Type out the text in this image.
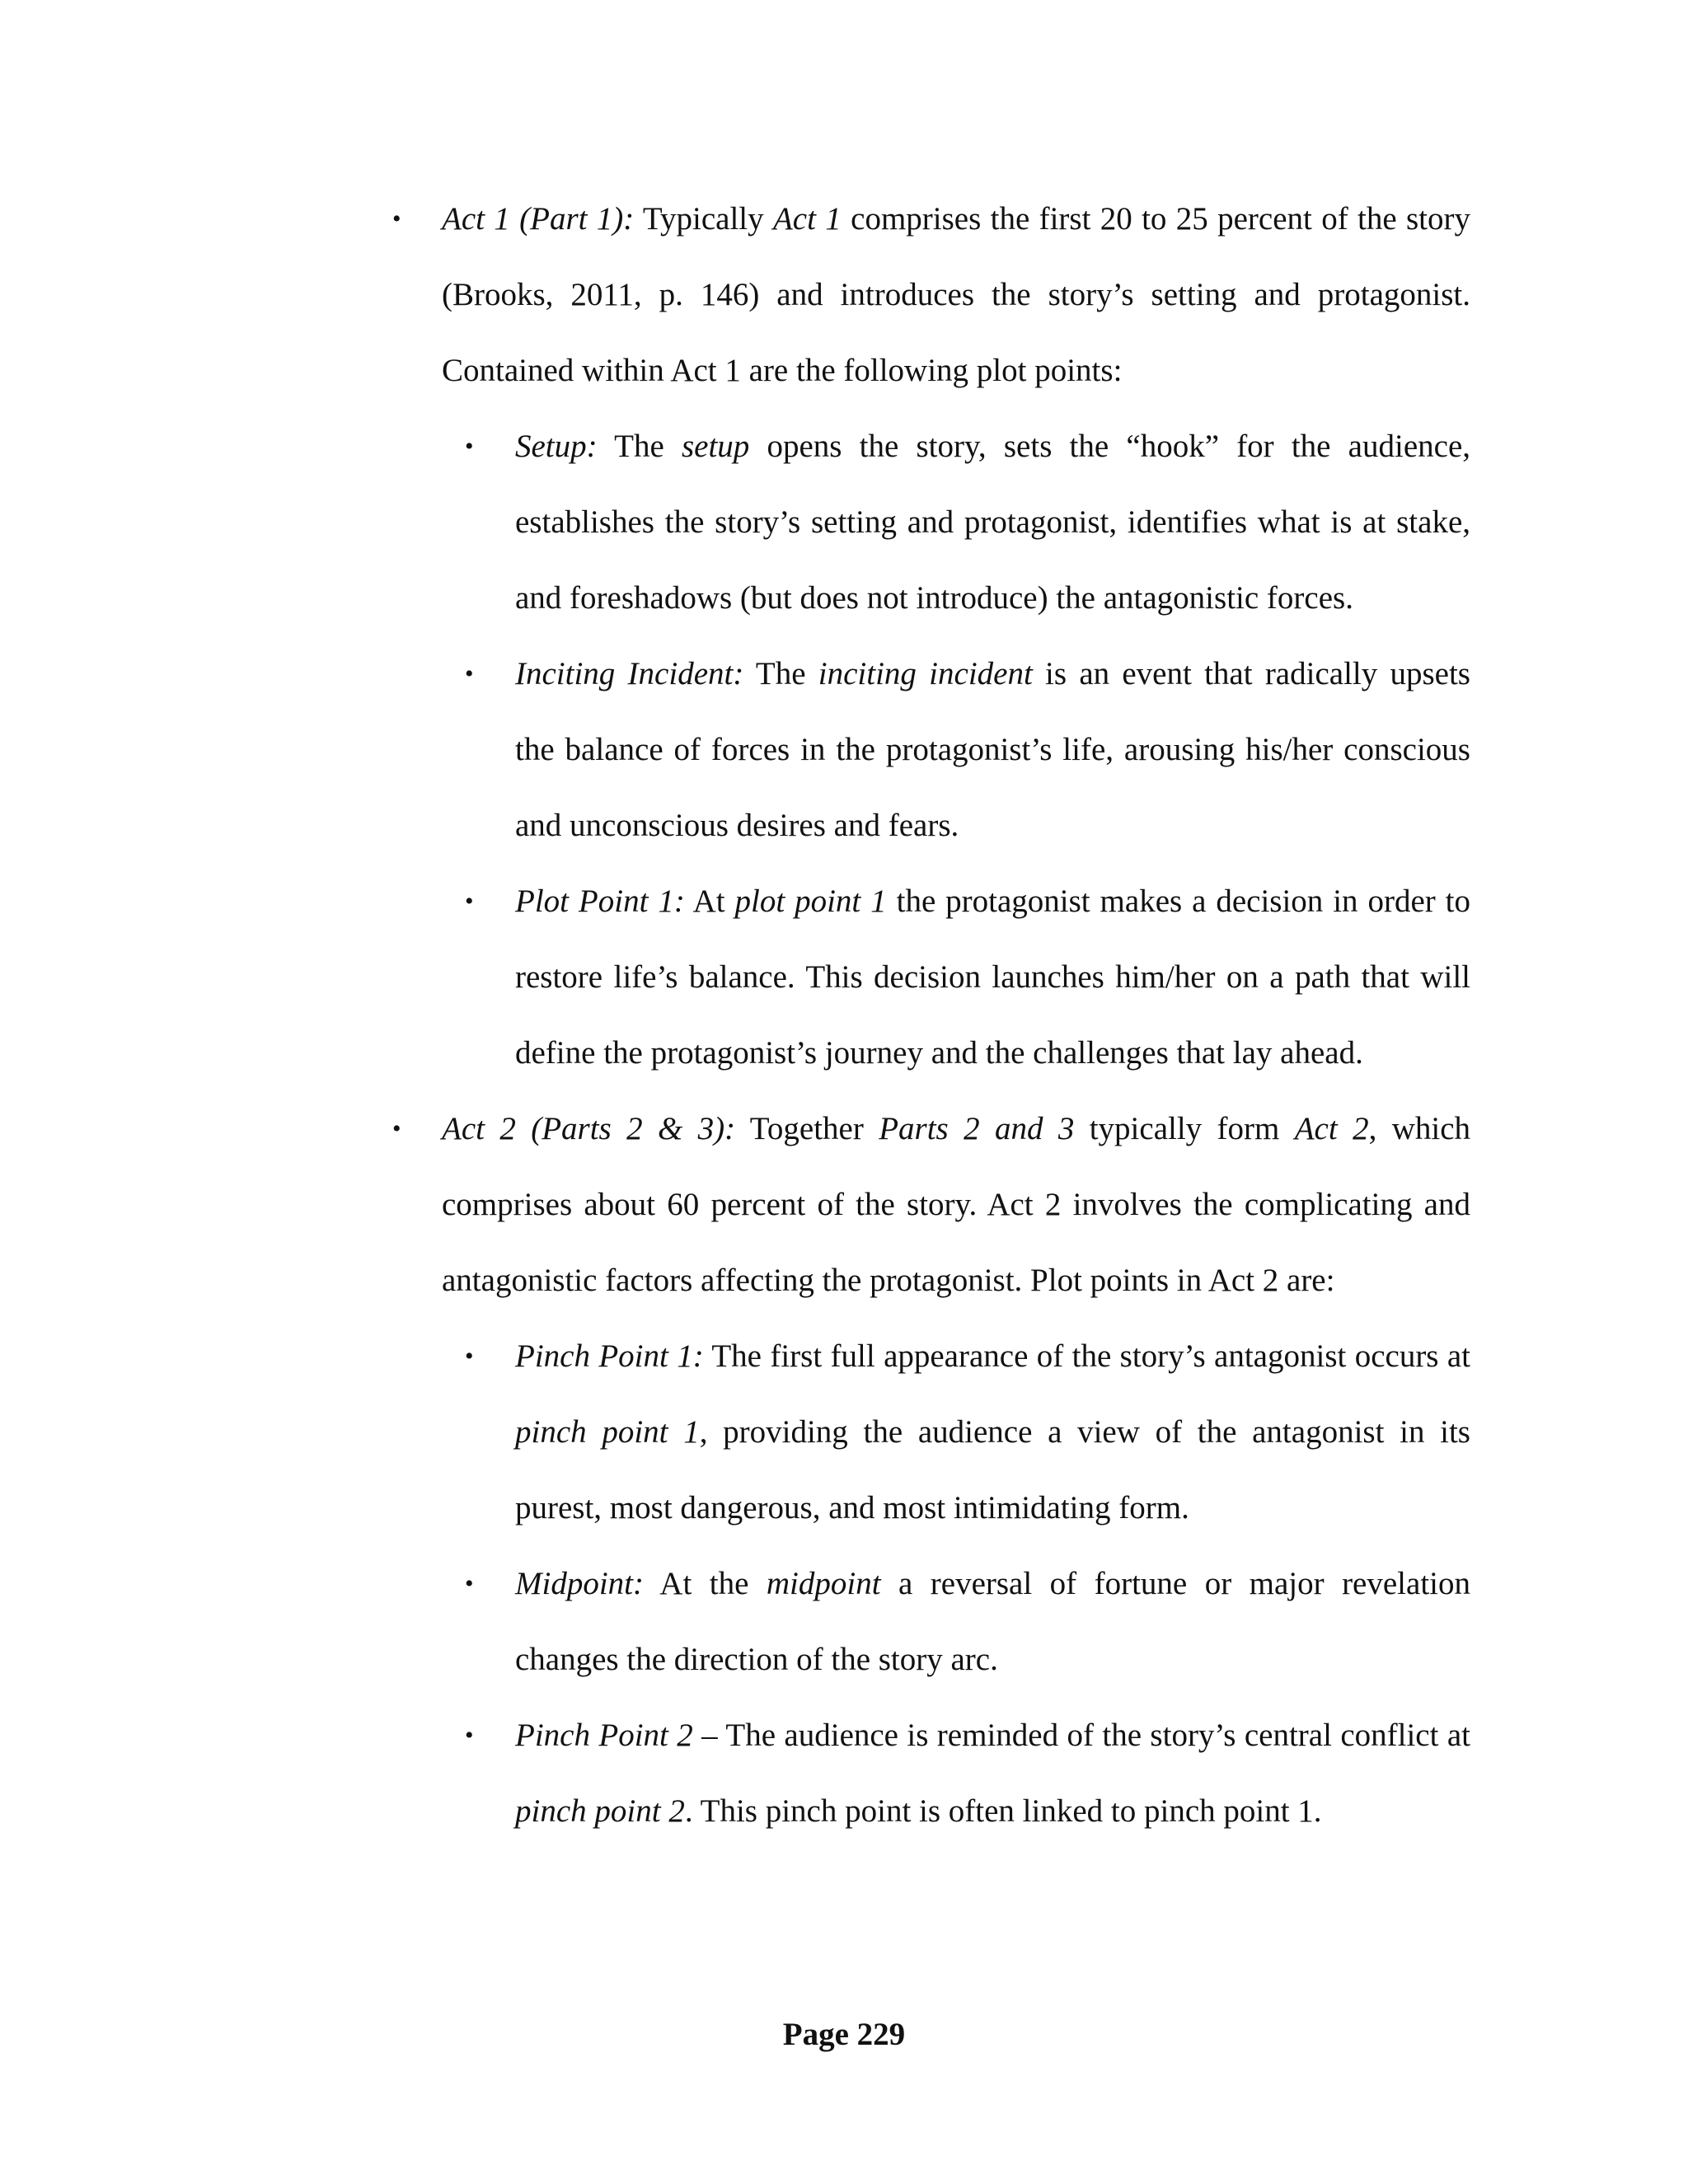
• Act 1 (Part 1): Typically Act 1 comprises the first 20 to 25 percent of the story (Brooks, 2011, p. 146) and introduces the story’s setting and protagonist. Contained within Act 1 are the following plot points:
• Setup: The setup opens the story, sets the “hook” for the audience, establishes the story’s setting and protagonist, identifies what is at stake, and foreshadows (but does not introduce) the antagonistic forces.
• Inciting Incident: The inciting incident is an event that radically upsets the balance of forces in the protagonist’s life, arousing his/her conscious and unconscious desires and fears.
• Plot Point 1: At plot point 1 the protagonist makes a decision in order to restore life’s balance. This decision launches him/her on a path that will define the protagonist’s journey and the challenges that lay ahead.
• Act 2 (Parts 2 & 3): Together Parts 2 and 3 typically form Act 2, which comprises about 60 percent of the story. Act 2 involves the complicating and antagonistic factors affecting the protagonist. Plot points in Act 2 are:
• Pinch Point 1: The first full appearance of the story’s antagonist occurs at pinch point 1, providing the audience a view of the antagonist in its purest, most dangerous, and most intimidating form.
• Midpoint: At the midpoint a reversal of fortune or major revelation changes the direction of the story arc.
• Pinch Point 2 – The audience is reminded of the story’s central conflict at pinch point 2. This pinch point is often linked to pinch point 1.
Page 229
